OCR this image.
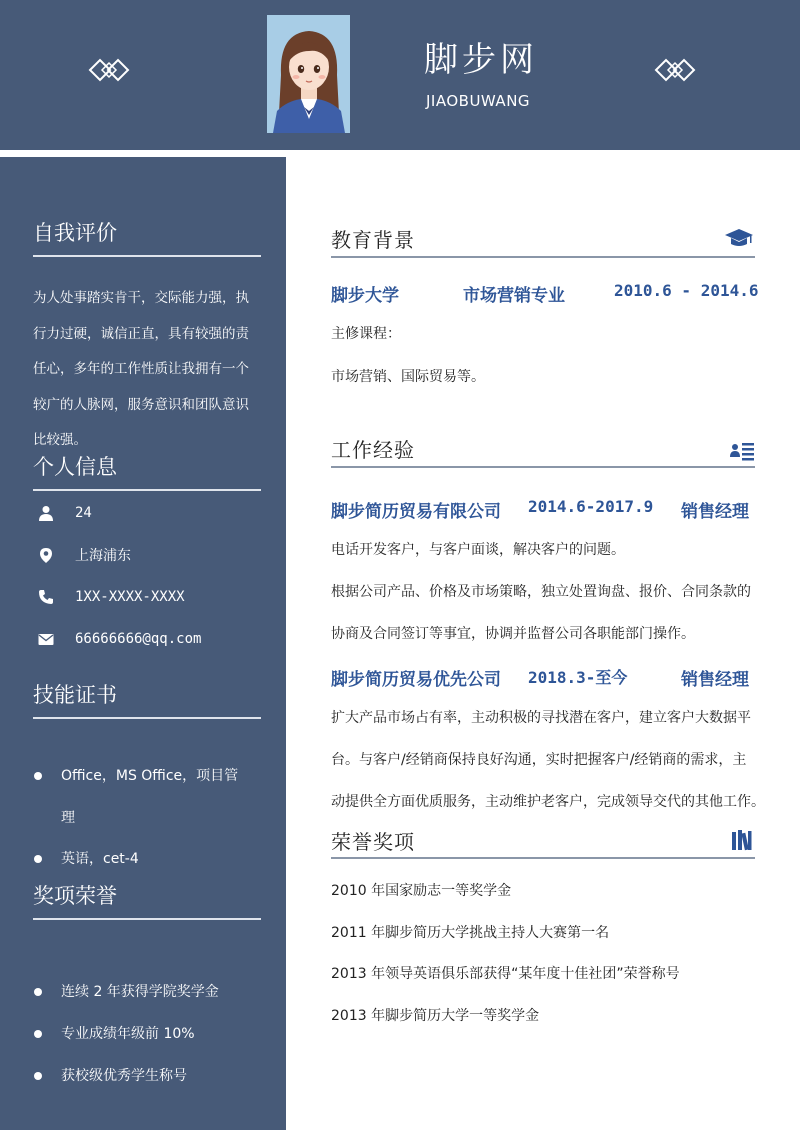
脚步网
JIAOBUWANG
自我评价
为人处事踏实肯干，交际能力强，执行力过硬，诚信正直，具有较强的责任心，多年的工作性质让我拥有一个较广的人脉网，服务意识和团队意识比较强。
个人信息
24
上海浦东
1XX-XXXX-XXXX
66666666@qq.com
技能证书
Office，MS Office，项目管
理
英语，cet-4
奖项荣誉
连续 2 年获得学院奖学金
专业成绩年级前 10%
获校级优秀学生称号
教育背景
脚步大学	市场营销专业	2010.6 - 2014.6
主修课程：
市场营销、国际贸易等。
工作经验
脚步简历贸易有限公司 2014.6-2017.9 销售经理
电话开发客户，与客户面谈，解决客户的问题。
根据公司产品、价格及市场策略，独立处置询盘、报价、合同条款的
协商及合同签订等事宜，协调并监督公司各职能部门操作。
脚步简历贸易优先公司 2018.3-至今	销售经理
扩大产品市场占有率，主动积极的寻找潜在客户，建立客户大数据平
台。与客户/经销商保持良好沟通，实时把握客户/经销商的需求，主
动提供全方面优质服务，主动维护老客户，完成领导交代的其他工作。
荣誉奖项
2010 年国家励志一等奖学金
2011 年脚步简历大学挑战主持人大赛第一名
2013 年领导英语俱乐部获得“某年度十佳社团”荣誉称号
2013 年脚步简历大学一等奖学金
